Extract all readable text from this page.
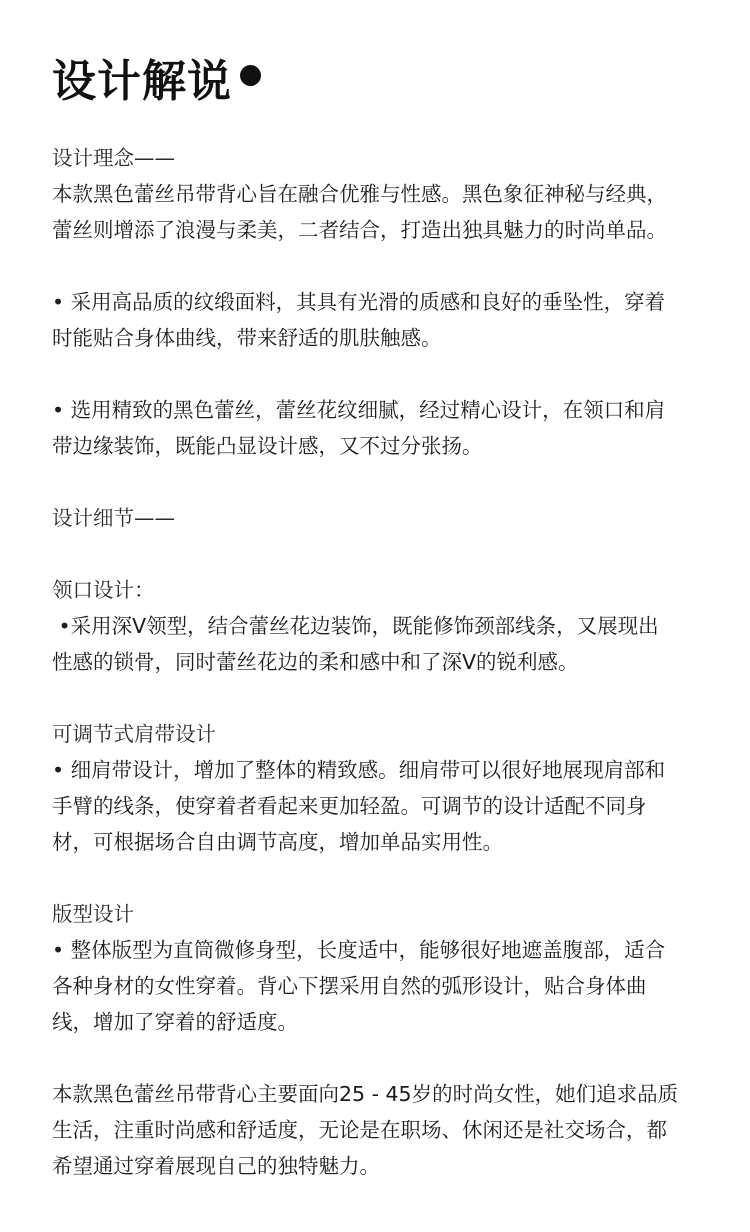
设计解说
设计理念——
本款黑色蕾丝吊带背心旨在融合优雅与性感。黑色象征神秘与经典，
蕾丝则增添了浪漫与柔美，二者结合，打造出独具魅力的时尚单品。
• 采用高品质的纹缎面料，其具有光滑的质感和良好的垂坠性，穿着
时能贴合身体曲线，带来舒适的肌肤触感。
• 选用精致的黑色蕾丝，蕾丝花纹细腻，经过精心设计，在领口和肩
带边缘装饰，既能凸显设计感，又不过分张扬。
设计细节——
领口设计：
•采用深V领型，结合蕾丝花边装饰，既能修饰颈部线条，又展现出
性感的锁骨，同时蕾丝花边的柔和感中和了深V的锐利感。
可调节式肩带设计
• 细肩带设计，增加了整体的精致感。细肩带可以很好地展现肩部和
手臂的线条，使穿着者看起来更加轻盈。可调节的设计适配不同身
材，可根据场合自由调节高度，增加单品实用性。
版型设计
• 整体版型为直筒微修身型，长度适中，能够很好地遮盖腹部，适合
各种身材的女性穿着。背心下摆采用自然的弧形设计，贴合身体曲
线，增加了穿着的舒适度。
本款黑色蕾丝吊带背心主要面向25 - 45岁的时尚女性，她们追求品质
生活，注重时尚感和舒适度，无论是在职场、休闲还是社交场合，都
希望通过穿着展现自己的独特魅力。
